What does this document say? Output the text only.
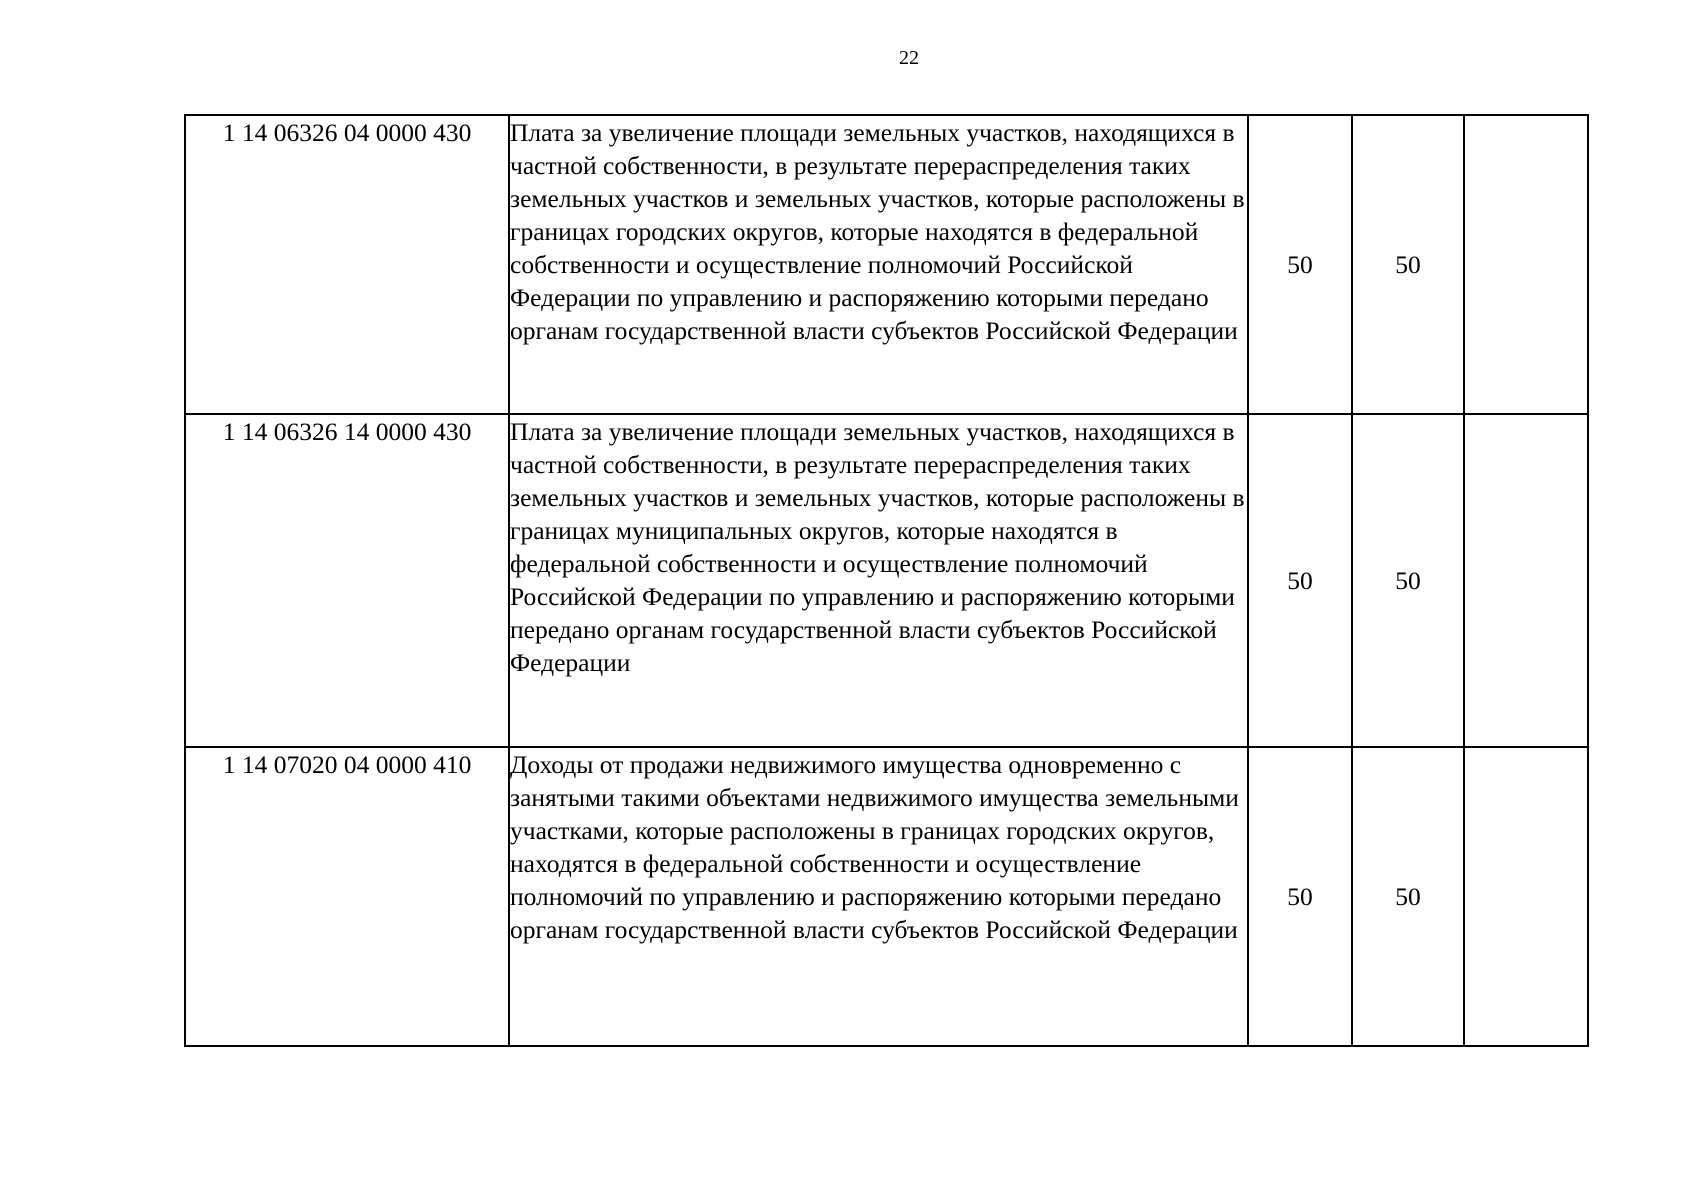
22
1 14 06326 04 0000 430	Плата за увеличение площади земельных участков, находящихся в частной собственности, в результате перераспределения таких земельных участков и земельных участков, которые расположены в границах городских округов, которые находятся в федеральной собственности и осуществление полномочий Российской Федерации по управлению и распоряжению которыми передано органам государственной власти субъектов Российской Федерации	50	50	
1 14 06326 14 0000 430	Плата за увеличение площади земельных участков, находящихся в частной собственности, в результате перераспределения таких земельных участков и земельных участков, которые расположены в границах муниципальных округов, которые находятся в федеральной собственности и осуществление полномочий Российской Федерации по управлению и распоряжению которыми передано органам государственной власти субъектов Российской Федерации	50	50	
1 14 07020 04 0000 410	Доходы от продажи недвижимого имущества одновременно с занятыми такими объектами недвижимого имущества земельными участками, которые расположены в границах городских округов, находятся в федеральной собственности и осуществление полномочий по управлению и распоряжению которыми передано органам государственной власти субъектов Российской Федерации	50	50	
